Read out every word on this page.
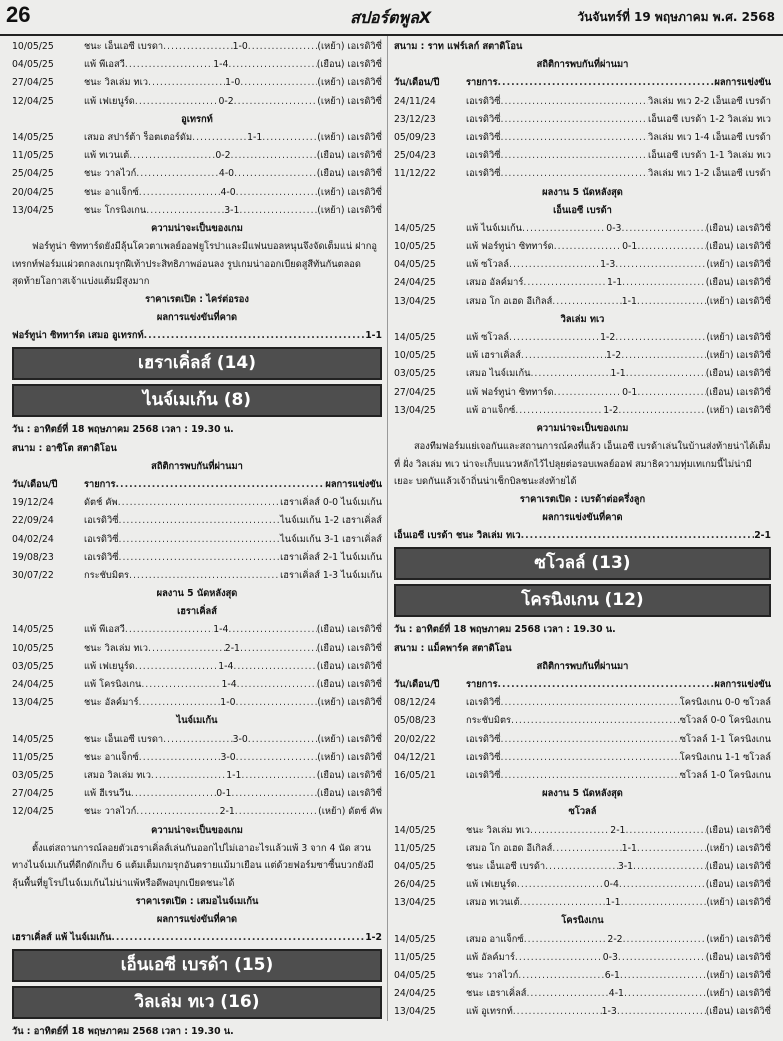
26	สปอร์ตพูลX	วันจันทร์ที่ 19 พฤษภาคม พ.ศ. 2568
10/05/25	ชนะ เอ็นเอซี เบรดา .....	1-0 .....	(เหย้า) เอเรดิวิซี่
04/05/25	แพ้ พีเอสวี .....	1-4 .....	(เยือน) เอเรดิวิซี่
27/04/25	ชนะ วิลเล่ม ทเว .....	1-0 .....	(เหย้า) เอเรดิวิซี่
12/04/25	แพ้ เฟเยนูร์ด .....	0-2 .....	(เหย้า) เอเรดิวิซี่
อูเทรกท์
14/05/25	เสมอ สปาร์ต้า ร็อตเตอร์ดัม .....	1-1 .....	(เหย้า) เอเรดิวิซี่
11/05/25	แพ้ ทเวนเต้ .....	0-2 .....	(เยือน) เอเรดิวิซี่
25/04/25	ชนะ วาลไวก์ .....	4-0 .....	(เยือน) เอเรดิวิซี่
20/04/25	ชนะ อาแจ็กซ์ .....	4-0 .....	(เหย้า) เอเรดิวิซี่
13/04/25	ชนะ โกรนิงเกน .....	3-1 .....	(เหย้า) เอเรดิวิซี่
ความน่าจะเป็นของเกม
ฟอร์ทูน่า ซิททาร์ดยังมีลุ้นโควตาเพลย์ออฟยูโรปาและมีแฟนบอลหนุนจึงจัดเต็มแน่ ฝากอูเทรกท์ฟอร์มแผ่วตกลงเกมรุกฝีเท้าประสิทธิภาพอ่อนลง รูปเกมน่าออกเบียดสูสีทันกันตลอด สุดท้ายโอกาสเจ้าแบ่งแต้มมีสูงมาก
ราคาเรตเปิด : ไคร่ต่อรอง
ผลการแข่งขันที่คาด
ฟอร์ทูน่า ซิททาร์ด เสมอ อูเทรกท์ .....	1-1
เฮราเคิ่ลส์ (14)
ไนจ์เมเก้น (8)
วัน : อาทิตย์ที่ 18 พฤษภาคม 2568 เวลา : 19.30 น.
สนาม : อาซิโต สตาดิโอน
สถิติการพบกันที่ผ่านมา
วัน/เดือน/ปี	รายการ .....	ผลการแข่งขัน
19/12/24	ดัตช์ คัพ .....	เฮราเคิ่ลส์ 0-0 ไนจ์เมเก้น
22/09/24	เอเรดิวิซี่ .....	ไนจ์เมเก้น 1-2 เฮราเคิ่ลส์
04/02/24	เอเรดิวิซี่ .....	ไนจ์เมเก้น 3-1 เฮราเคิ่ลส์
19/08/23	เอเรดิวิซี่ .....	เฮราเคิ่ลส์ 2-1 ไนจ์เมเก้น
30/07/22	กระชับมิตร .....	เฮราเคิ่ลส์ 1-3 ไนจ์เมเก้น
ผลงาน 5 นัดหลังสุด
เฮราเคิ่ลส์
14/05/25	แพ้ พีเอสวี .....	1-4 .....	(เยือน) เอเรดิวิซี่
10/05/25	ชนะ วิลเล่ม ทเว .....	2-1 .....	(เยือน) เอเรดิวิซี่
03/05/25	แพ้ เฟเยนูร์ด .....	1-4 .....	(เยือน) เอเรดิวิซี่
24/04/25	แพ้ โครนิงเกน .....	1-4 .....	(เยือน) เอเรดิวิซี่
13/04/25	ชนะ อัลค์มาร์ .....	1-0 .....	(เหย้า) เอเรดิวิซี่
ไนจ์เมเก้น
14/05/25	ชนะ เอ็นเอซี เบรดา .....	3-0 .....	(เหย้า) เอเรดิวิซี่
11/05/25	ชนะ อาแจ็กซ์ .....	3-0 .....	(เหย้า) เอเรดิวิซี่
03/05/25	เสมอ วิลเล่ม ทเว .....	1-1 .....	(เยือน) เอเรดิวิซี่
27/04/25	แพ้ ฮีเรนวีน .....	0-1 .....	(เยือน) เอเรดิวิซี่
12/04/25	ชนะ วาลไวก์ .....	2-1 .....	(เหย้า) ดัตช์ คัพ
ความน่าจะเป็นของเกม
ตั้งแต่สถานการณ์ลอยตัวเฮราเคิ่ลส์เล่นกันออกไปไม่เอาอะไรแล้วแพ้ 3 จาก 4 นัด สวนทางไนจ์เมเก้นที่ดีกดักเก็บ 6 แต้มเต็มเกมรุกอันตรายแม้มาเยือน แต่ด้วยฟอร์มซาซี้นบวกยังมีลุ้นพื้นที่ยูโรปไนจ์เมเก้นไม่น่าแพ้หรือดีพอบุกเบียดชนะได้
ราคาเรตเปิด : เสมอไนจ์เมเก้น
ผลการแข่งขันที่คาด
เฮราเคิ่ลส์ แพ้ ไนจ์เมเก้น .....	1-2
เอ็นเอซี เบรด้า (15)
วิลเล่ม ทเว (16)
วัน : อาทิตย์ที่ 18 พฤษภาคม 2568 เวลา : 19.30 น.
สนาม : ราท แฟร์เลก์ สตาดิโอน
สถิติการพบกันที่ผ่านมา
วัน/เดือน/ปี	รายการ .....	ผลการแข่งขัน
24/11/24	เอเรดิวิซี่ .....	วิลเล่ม ทเว 2-2 เอ็นเอซี เบรด้า
23/12/23	เอเรดิวิซี่ .....	เอ็นเอซี เบรด้า 1-2 วิลเล่ม ทเว
05/09/23	เอเรดิวิซี่ .....	วิลเล่ม ทเว 1-4 เอ็นเอซี เบรด้า
25/04/23	เอเรดิวิซี่ .....	เอ็นเอซี เบรด้า 1-1 วิลเล่ม ทเว
11/12/22	เอเรดิวิซี่ .....	วิลเล่ม ทเว 1-2 เอ็นเอซี เบรด้า
ผลงาน 5 นัดหลังสุด
เอ็นเอซี เบรด้า
14/05/25	แพ้ ไนจ์เมเก้น .....	0-3 .....	(เยือน) เอเรดิวิซี่
10/05/25	แพ้ ฟอร์ทูน่า ซิททาร์ด .....	0-1 .....	(เยือน) เอเรดิวิซี่
04/05/25	แพ้ ซโวลล์ .....	1-3 .....	(เหย้า) เอเรดิวิซี่
24/04/25	เสมอ อัลค์มาร์ .....	1-1 .....	(เยือน) เอเรดิวิซี่
13/04/25	เสมอ โก อเฮด อีเกิลส์ .....	1-1 .....	(เหย้า) เอเรดิวิซี่
วิลเล่ม ทเว
14/05/25	แพ้ ซโวลล์ .....	1-2 .....	(เหย้า) เอเรดิวิซี่
10/05/25	แพ้ เฮราเคิ่ลส์ .....	1-2 .....	(เหย้า) เอเรดิวิซี่
03/05/25	เสมอ ไนจ์เมเก้น .....	1-1 .....	(เยือน) เอเรดิวิซี่
27/04/25	แพ้ ฟอร์ทูน่า ซิททาร์ด .....	0-1 .....	(เยือน) เอเรดิวิซี่
13/04/25	แพ้ อาแจ็กซ์ .....	1-2 .....	(เหย้า) เอเรดิวิซี่
ความน่าจะเป็นของเกม
สองทีมฟอร์มแย่เจอกันและสถานการณ์คงที่แล้ว เอ็นเอซี เบรด้าเล่นในบ้านส่งท้ายน่าได้เต็มที่ ฝั่ง วิลเล่ม ทเว น่าจะเก็บแนวหลักไว้ไปลุยต่อรอบเพลย์ออฟ สมาธิความทุ่มเทเกมนี้ไม่น่ามีเยอะ บดกันแล้วเจ้าถิ่นน่าเช็กบิลชนะส่งท้ายได้
ราคาเรตเปิด : เบรด้าต่อครึ่งลูก
ผลการแข่งขันที่คาด
เอ็นเอซี เบรด้า ชนะ วิลเล่ม ทเว .....	2-1
ซโวลล์ (13)
โครนิงเกน (12)
วัน : อาทิตย์ที่ 18 พฤษภาคม 2568 เวลา : 19.30 น.
สนาม : แม็คพาร์ค สตาดิโอน
สถิติการพบกันที่ผ่านมา
วัน/เดือน/ปี	รายการ .....	ผลการแข่งขัน
08/12/24	เอเรดิวิซี่ .....	โครนิงเกน 0-0 ซโวลล์
05/08/23	กระชับมิตร .....	ซโวลล์ 0-0 โครนิงเกน
20/02/22	เอเรดิวิซี่ .....	ซโวลล์ 1-1 โครนิงเกน
04/12/21	เอเรดิวิซี่ .....	โครนิงเกน 1-1 ซโวลล์
16/05/21	เอเรดิวิซี่ .....	ซโวลล์ 1-0 โครนิงเกน
ผลงาน 5 นัดหลังสุด
ซโวลล์
14/05/25	ชนะ วิลเล่ม ทเว .....	2-1 .....	(เยือน) เอเรดิวิซี่
11/05/25	เสมอ โก อเฮด อีเกิลส์ .....	1-1 .....	(เหย้า) เอเรดิวิซี่
04/05/25	ชนะ เอ็นเอซี เบรด้า .....	3-1 .....	(เยือน) เอเรดิวิซี่
26/04/25	แพ้ เฟเยนูร์ด .....	0-4 .....	(เยือน) เอเรดิวิซี่
13/04/25	เสมอ ทเวนเต้ .....	1-1 .....	(เหย้า) เอเรดิวิซี่
โครนิงเกน
14/05/25	เสมอ อาแจ็กซ์ .....	2-2 .....	(เหย้า) เอเรดิวิซี่
11/05/25	แพ้ อัลค์มาร์ .....	0-3 .....	(เยือน) เอเรดิวิซี่
04/05/25	ชนะ วาลไวก์ .....	6-1 .....	(เหย้า) เอเรดิวิซี่
24/04/25	ชนะ เฮราเคิ่ลส์ .....	4-1 .....	(เหย้า) เอเรดิวิซี่
13/04/25	แพ้ อูเทรกท์ .....	1-3 .....	(เยือน) เอเรดิวิซี่
